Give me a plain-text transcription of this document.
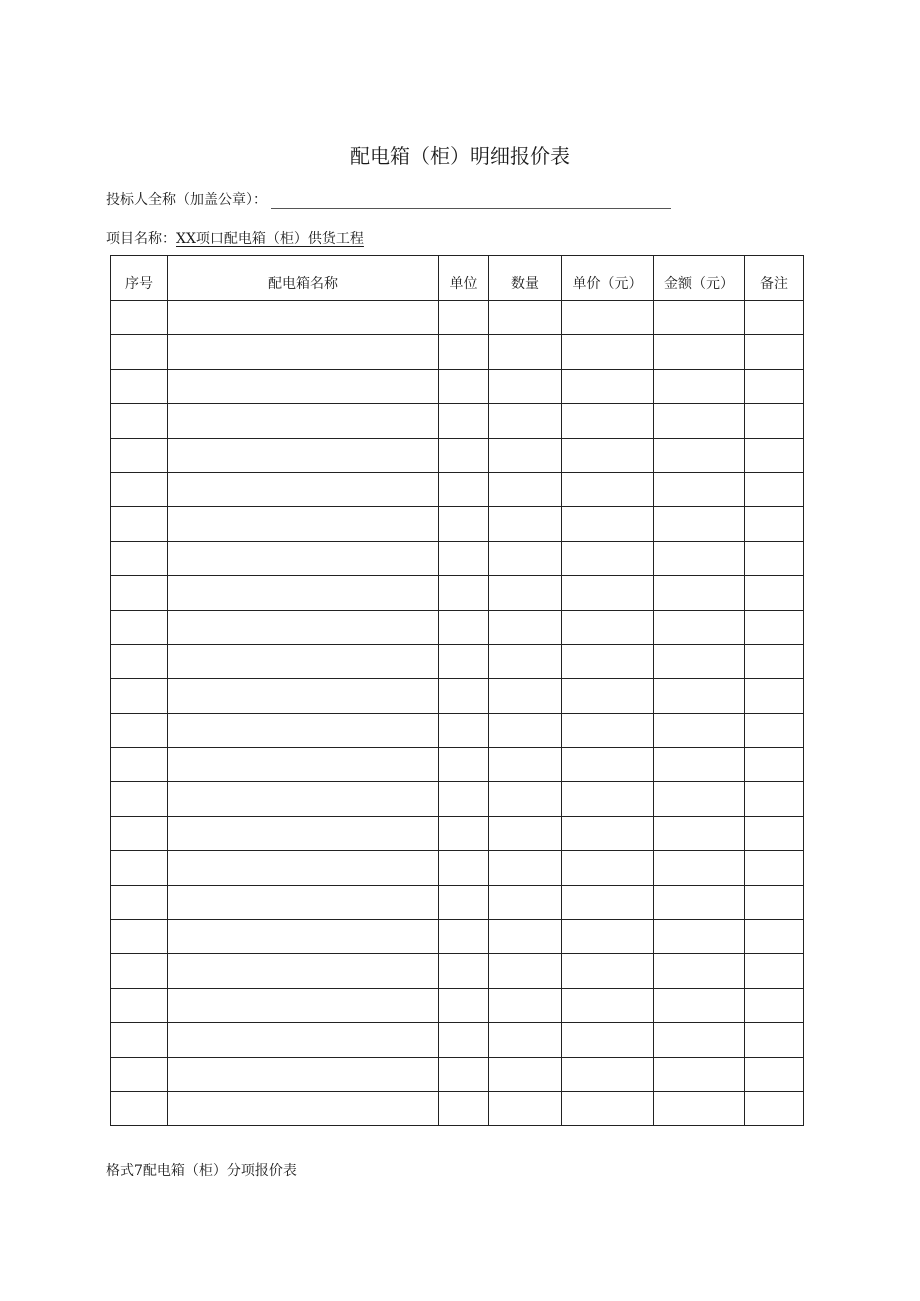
配电箱（柜）明细报价表
投标人全称（加盖公章）：
项目名称：XX项口配电箱（柜）供货工程
序号	配电箱名称	单位	数量	单价（元）	金额（元）	备注

格式7配电箱（柜）分项报价表
